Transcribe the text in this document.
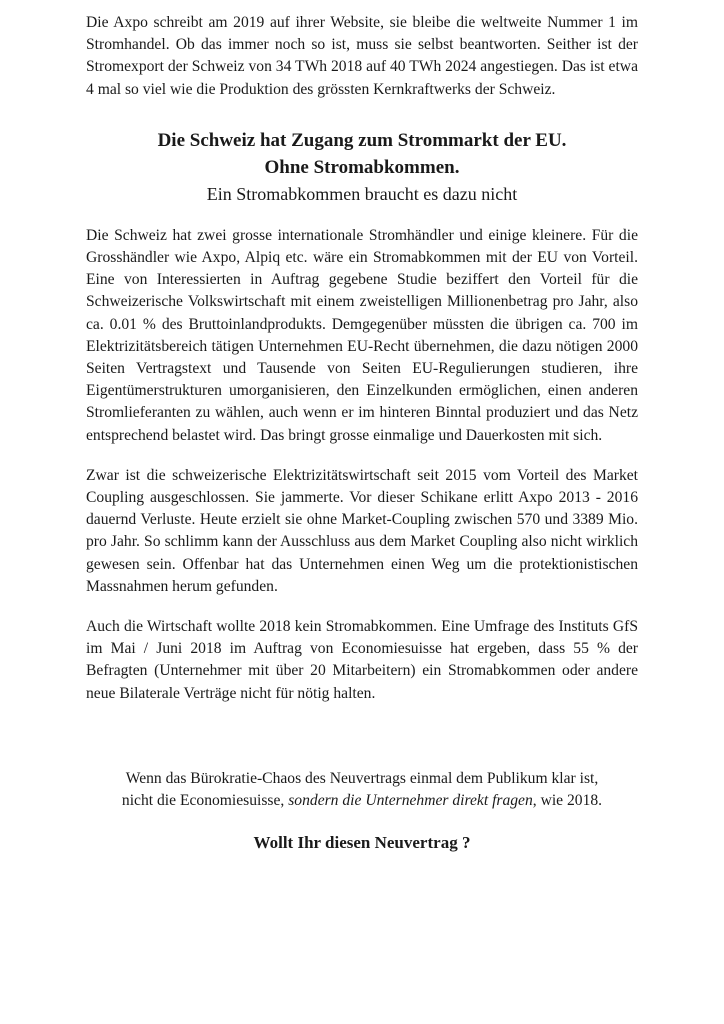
Die Axpo schreibt am 2019 auf ihrer Website, sie bleibe die weltweite Nummer 1 im Stromhandel. Ob das immer noch so ist, muss sie selbst beantworten. Seither ist der Stromexport der Schweiz von 34 TWh 2018 auf 40 TWh 2024 angestiegen. Das ist etwa 4 mal so viel wie die Produktion des grössten Kernkraftwerks der Schweiz.

Die Schweiz hat Zugang zum Strommarkt der EU.
Ohne Stromabkommen.
Ein Stromabkommen braucht es dazu nicht

Die Schweiz hat zwei grosse internationale Stromhändler und einige kleinere. Für die Grosshändler wie Axpo, Alpiq etc. wäre ein Stromabkommen mit der EU von Vorteil. Eine von Interessierten in Auftrag gegebene Studie beziffert den Vorteil für die Schweizerische Volkswirtschaft mit einem zweistelligen Millionenbetrag pro Jahr, also ca. 0.01 % des Bruttoinlandprodukts. Demgegenüber müssten die übrigen ca. 700 im Elektrizitätsbereich tätigen Unternehmen EU-Recht übernehmen, die dazu nötigen 2000 Seiten Vertragstext und Tausende von Seiten EU-Regulierungen studieren, ihre Eigentümerstrukturen umorganisieren, den Einzelkunden ermöglichen, einen anderen Stromlieferanten zu wählen, auch wenn er im hinteren Binntal produziert und das Netz entsprechend belastet wird. Das bringt grosse einmalige und Dauerkosten mit sich.

Zwar ist die schweizerische Elektrizitätswirtschaft seit 2015 vom Vorteil des Market Coupling ausgeschlossen. Sie jammerte. Vor dieser Schikane erlitt Axpo 2013 - 2016 dauernd Verluste. Heute erzielt sie ohne Market-Coupling zwischen 570 und 3389 Mio. pro Jahr. So schlimm kann der Ausschluss aus dem Market Coupling also nicht wirklich gewesen sein. Offenbar hat das Unternehmen einen Weg um die protektionistischen Massnahmen herum gefunden.

Auch die Wirtschaft wollte 2018 kein Stromabkommen. Eine Umfrage des Instituts GfS im Mai / Juni 2018 im Auftrag von Economiesuisse hat ergeben, dass 55 % der Befragten (Unternehmer mit über 20 Mitarbeitern) ein Stromabkommen oder andere neue Bilaterale Verträge nicht für nötig halten.

Wenn das Bürokratie-Chaos des Neuvertrags einmal dem Publikum klar ist,
nicht die Economiesuisse, sondern die Unternehmer direkt fragen, wie 2018.

Wollt Ihr diesen Neuvertrag ?
